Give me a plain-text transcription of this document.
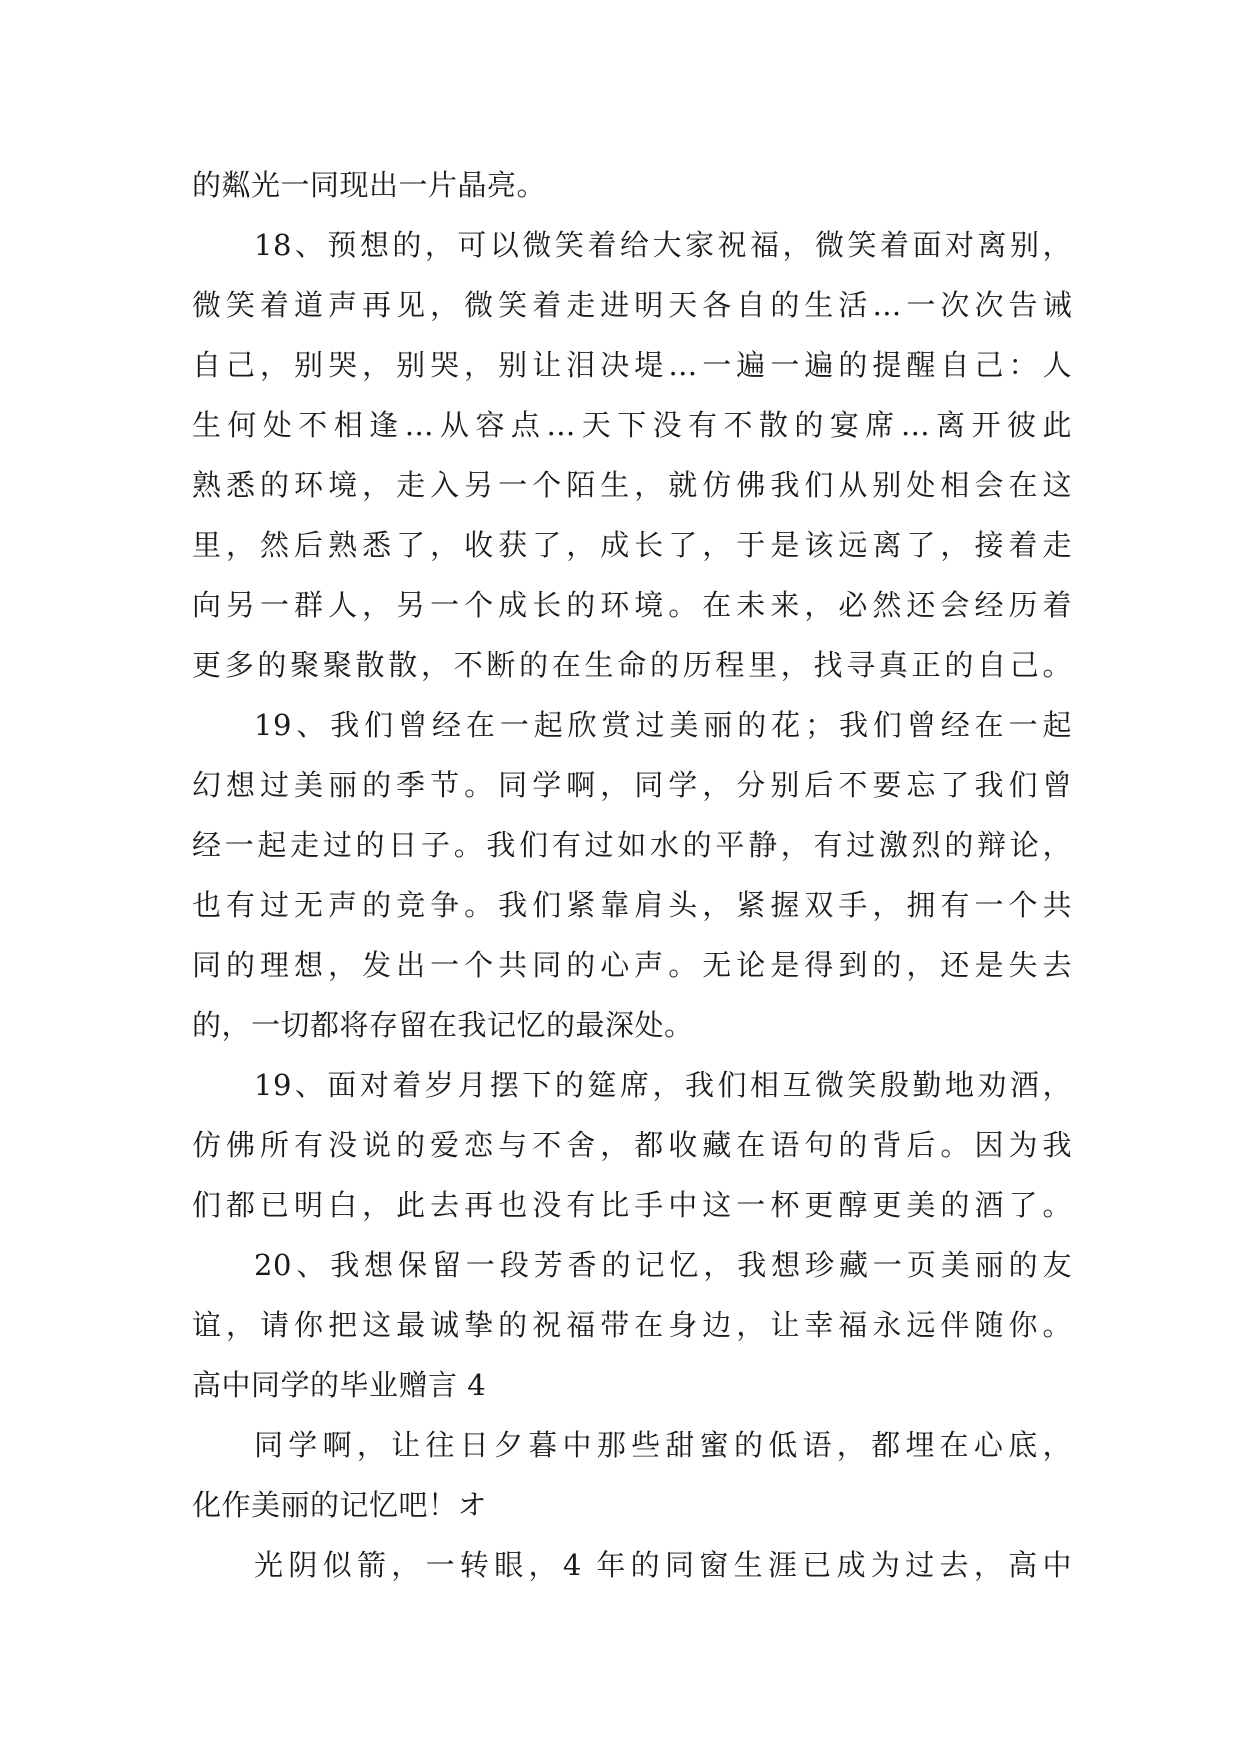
的粼光一同现出一片晶亮。
18、预想的，可以微笑着给大家祝福，微笑着面对离别，
微笑着道声再见，微笑着走进明天各自的生活…一次次告诫
自己，别哭，别哭，别让泪决堤…一遍一遍的提醒自己：人
生何处不相逢…从容点…天下没有不散的宴席…离开彼此
熟悉的环境，走入另一个陌生，就仿佛我们从别处相会在这
里，然后熟悉了，收获了，成长了，于是该远离了，接着走
向另一群人，另一个成长的环境。在未来，必然还会经历着
更多的聚聚散散，不断的在生命的历程里，找寻真正的自己。
19、我们曾经在一起欣赏过美丽的花；我们曾经在一起
幻想过美丽的季节。同学啊，同学，分别后不要忘了我们曾
经一起走过的日子。我们有过如水的平静，有过激烈的辩论，
也有过无声的竞争。我们紧靠肩头，紧握双手，拥有一个共
同的理想，发出一个共同的心声。无论是得到的，还是失去
的，一切都将存留在我记忆的最深处。
19、面对着岁月摆下的筵席，我们相互微笑殷勤地劝酒，
仿佛所有没说的爱恋与不舍，都收藏在语句的背后。因为我
们都已明白，此去再也没有比手中这一杯更醇更美的酒了。
20、我想保留一段芳香的记忆，我想珍藏一页美丽的友
谊，请你把这最诚挚的祝福带在身边，让幸福永远伴随你。
高中同学的毕业赠言 4
同学啊，让往日夕暮中那些甜蜜的低语，都埋在心底，
化作美丽的记忆吧！オ
光阴似箭，一转眼，4 年的同窗生涯已成为过去，高中
